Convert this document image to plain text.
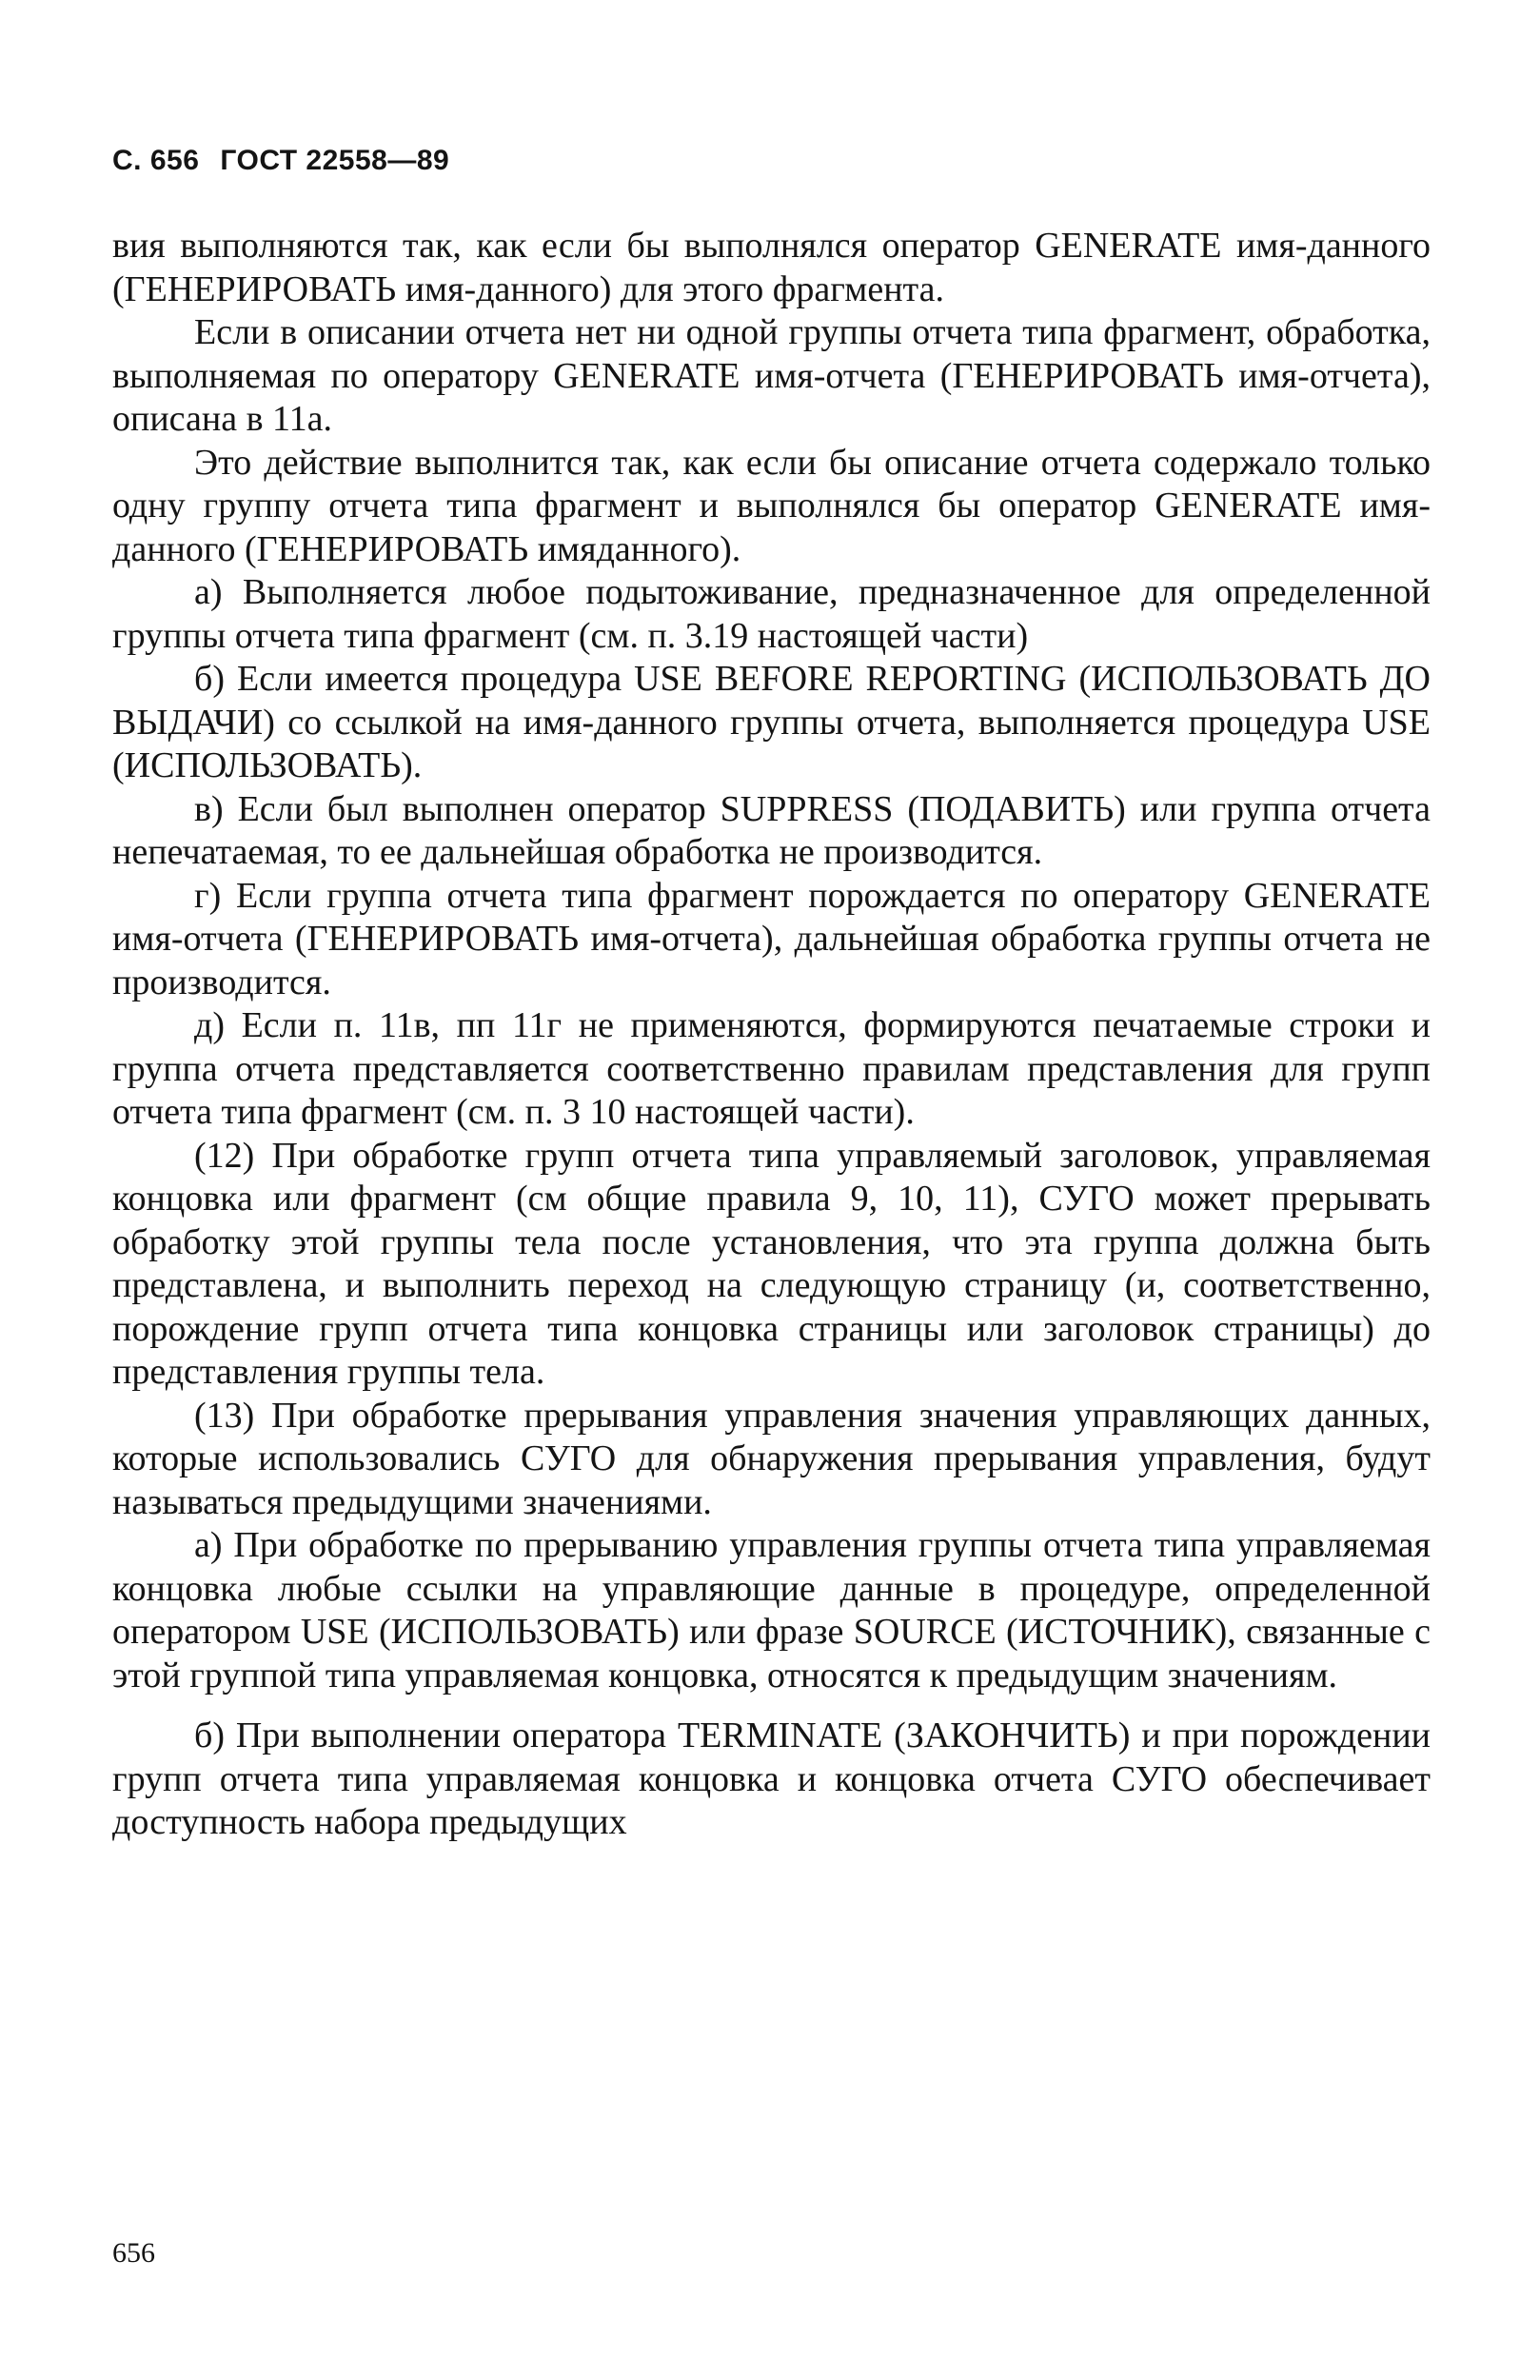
С. 656 ГОСТ 22558—89

вия выполняются так, как если бы выполнялся оператор GENERATE имя-данного (ГЕНЕРИРОВАТЬ имя-данного) для этого фрагмента.

Если в описании отчета нет ни одной группы отчета типа фрагмент, обработка, выполняемая по оператору GENERATE имя-отчета (ГЕНЕРИРОВАТЬ имя-отчета), описана в 11а.

Это действие выполнится так, как если бы описание отчета содержало только одну группу отчета типа фрагмент и выполнялся бы оператор GENERATE имя-данного (ГЕНЕРИРОВАТЬ имяданного).

а) Выполняется любое подытоживание, предназначенное для определенной группы отчета типа фрагмент (см. п. 3.19 настоящей части)

б) Если имеется процедура USE BEFORE REPORTING (ИСПОЛЬЗОВАТЬ ДО ВЫДАЧИ) со ссылкой на имя-данного группы отчета, выполняется процедура USE (ИСПОЛЬЗОВАТЬ).

в) Если был выполнен оператор SUPPRESS (ПОДАВИТЬ) или группа отчета непечатаемая, то ее дальнейшая обработка не производится.

г) Если группа отчета типа фрагмент порождается по оператору GENERATE имя-отчета (ГЕНЕРИРОВАТЬ имя-отчета), дальнейшая обработка группы отчета не производится.

д) Если п. 11в, пп 11г не применяются, формируются печатаемые строки и группа отчета представляется соответственно правилам представления для групп отчета типа фрагмент (см. п. 3 10 настоящей части).

(12) При обработке групп отчета типа управляемый заголовок, управляемая концовка или фрагмент (см общие правила 9, 10, 11), СУГО может прерывать обработку этой группы тела после установления, что эта группа должна быть представлена, и выполнить переход на следующую страницу (и, соответственно, порождение групп отчета типа концовка страницы или заголовок страницы) до представления группы тела.

(13) При обработке прерывания управления значения управляющих данных, которые использовались СУГО для обнаружения прерывания управления, будут называться предыдущими значениями.

а) При обработке по прерыванию управления группы отчета типа управляемая концовка любые ссылки на управляющие данные в процедуре, определенной оператором USE (ИСПОЛЬЗОВАТЬ) или фразе SOURCE (ИСТОЧНИК), связанные с этой группой типа управляемая концовка, относятся к предыдущим значениям.

б) При выполнении оператора TERMINATE (ЗАКОНЧИТЬ) и при порождении групп отчета типа управляемая концовка и концовка отчета СУГО обеспечивает доступность набора предыдущих

656
